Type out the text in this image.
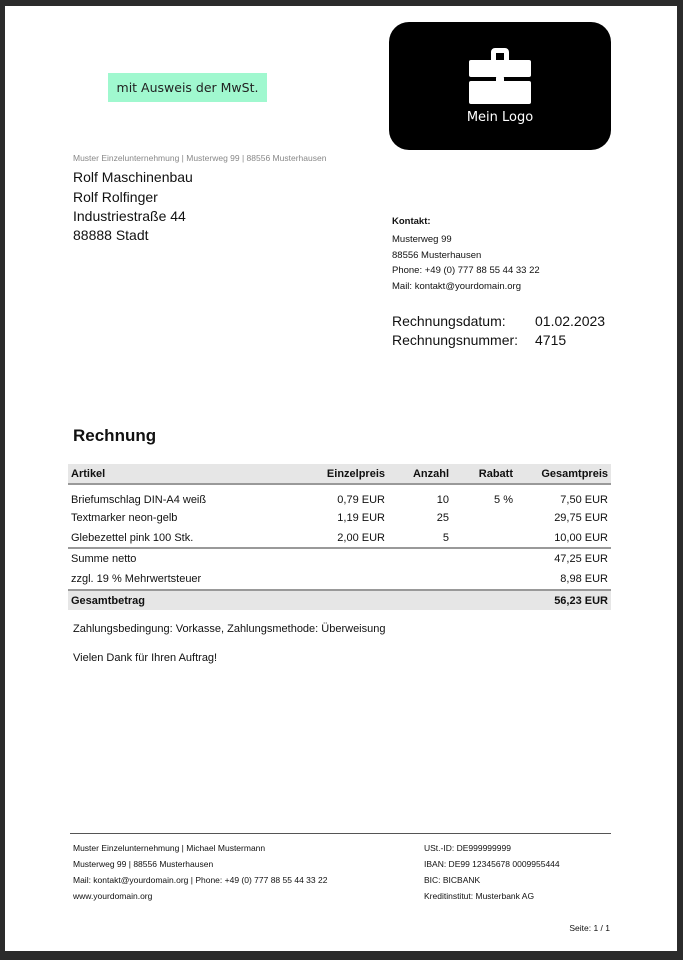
mit Ausweis der MwSt.
Mein Logo
Muster Einzelunternehmung | Musterweg 99 | 88556 Musterhausen
Rolf Maschinenbau
Rolf Rolfinger
Industriestraße 44
88888 Stadt
Kontakt:
Musterweg 99
88556 Musterhausen
Phone: +49 (0) 777 88 55 44 33 22
Mail: kontakt@yourdomain.org
Rechnungsdatum: 01.02.2023
Rechnungsnummer: 4715
Rechnung
Artikel	Einzelpreis	Anzahl	Rabatt	Gesamtpreis
Briefumschlag DIN-A4 weiß	0,79 EUR	10	5 %	7,50 EUR
Textmarker neon-gelb	1,19 EUR	25		29,75 EUR
Glebezettel pink 100 Stk.	2,00 EUR	5		10,00 EUR
Summe netto				47,25 EUR
zzgl. 19 % Mehrwertsteuer				8,98 EUR
Gesamtbetrag				56,23 EUR
Zahlungsbedingung: Vorkasse, Zahlungsmethode: Überweisung
Vielen Dank für Ihren Auftrag!
Muster Einzelunternehmung | Michael Mustermann
Musterweg 99 | 88556 Musterhausen
Mail: kontakt@yourdomain.org | Phone: +49 (0) 777 88 55 44 33 22
www.yourdomain.org
USt.-ID: DE999999999
IBAN: DE99 12345678 0009955444
BIC: BICBANK
Kreditinstitut: Musterbank AG
Seite: 1 / 1
